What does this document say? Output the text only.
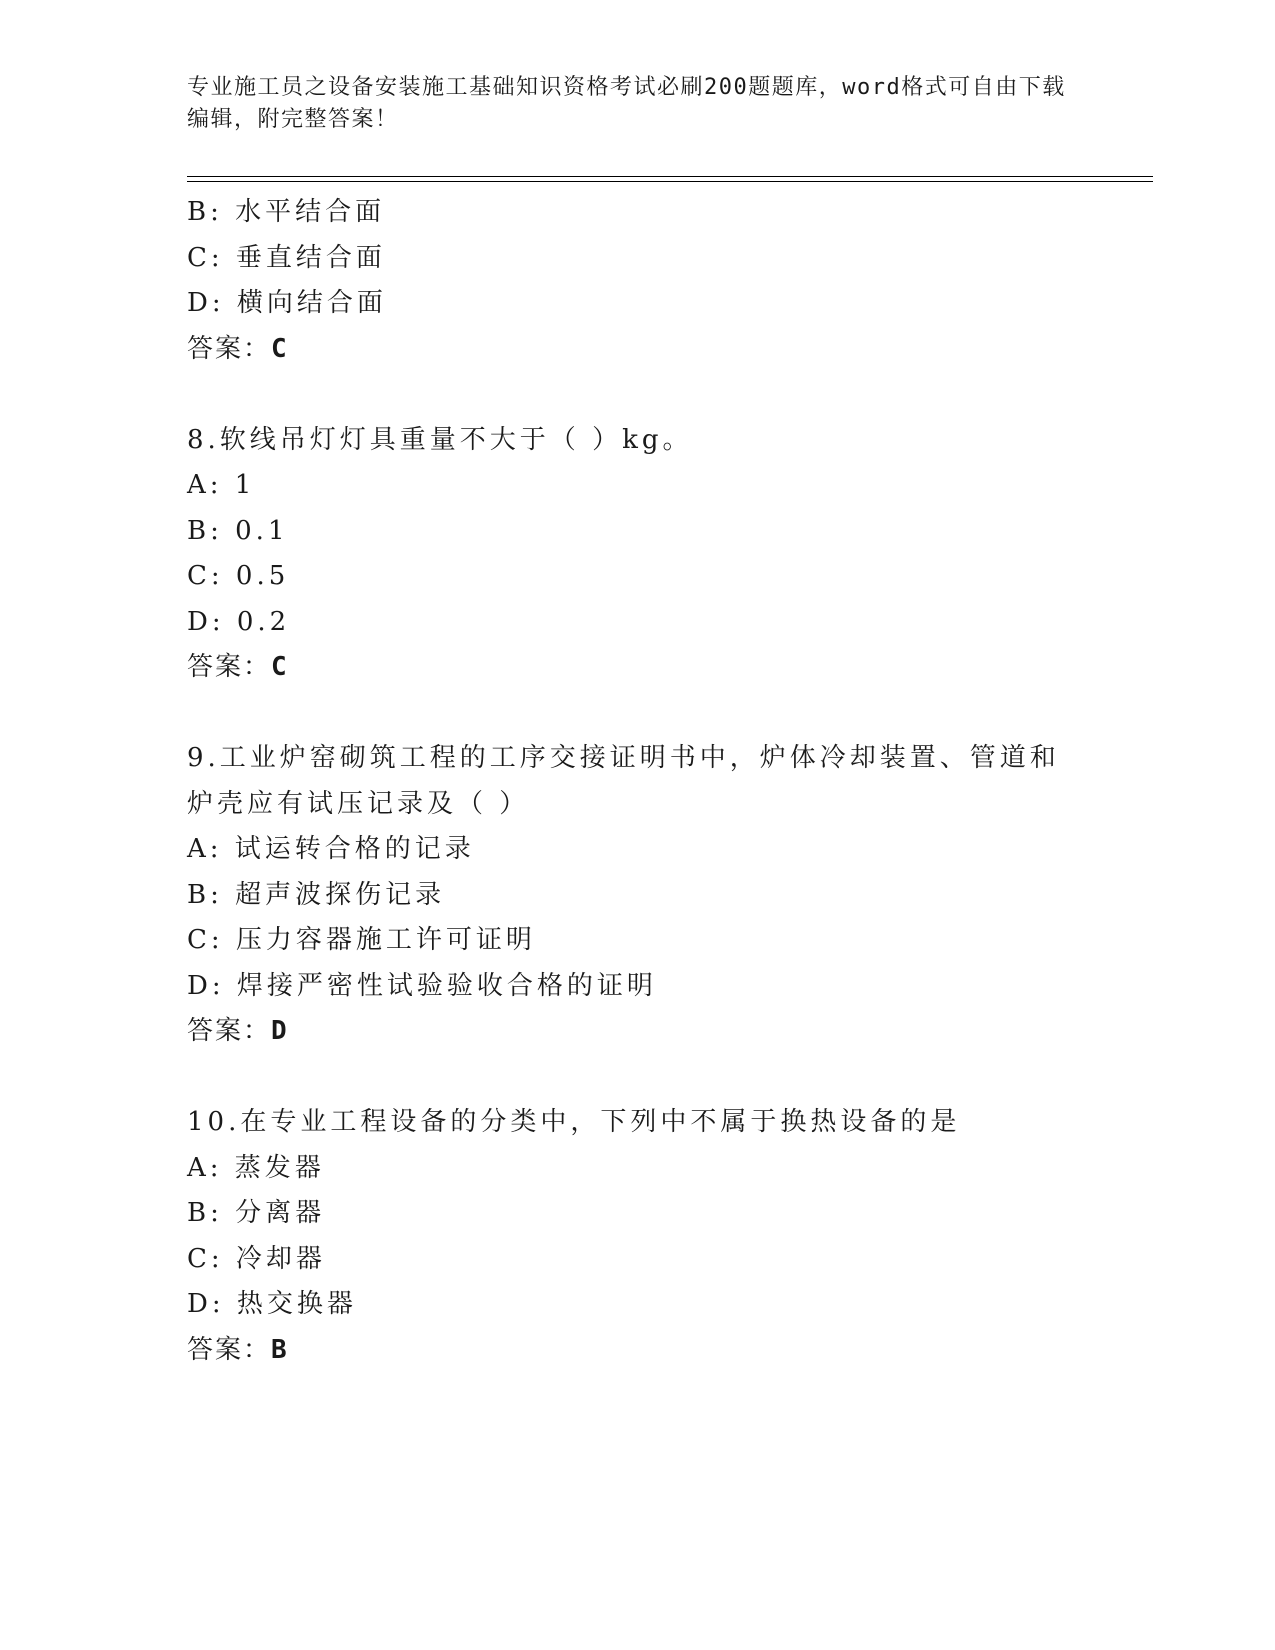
专业施工员之设备安装施工基础知识资格考试必刷200题题库，word格式可自由下载编辑，附完整答案！
B: 水平结合面
C: 垂直结合面
D: 横向结合面
答案：C
8.软线吊灯灯具重量不大于（ ）kg。
A: 1
B: 0.1
C: 0.5
D: 0.2
答案：C
9.工业炉窑砌筑工程的工序交接证明书中，炉体冷却装置、管道和炉壳应有试压记录及（ ）
A: 试运转合格的记录
B: 超声波探伤记录
C: 压力容器施工许可证明
D: 焊接严密性试验验收合格的证明
答案：D
10.在专业工程设备的分类中，下列中不属于换热设备的是
A: 蒸发器
B: 分离器
C: 冷却器
D: 热交换器
答案：B
